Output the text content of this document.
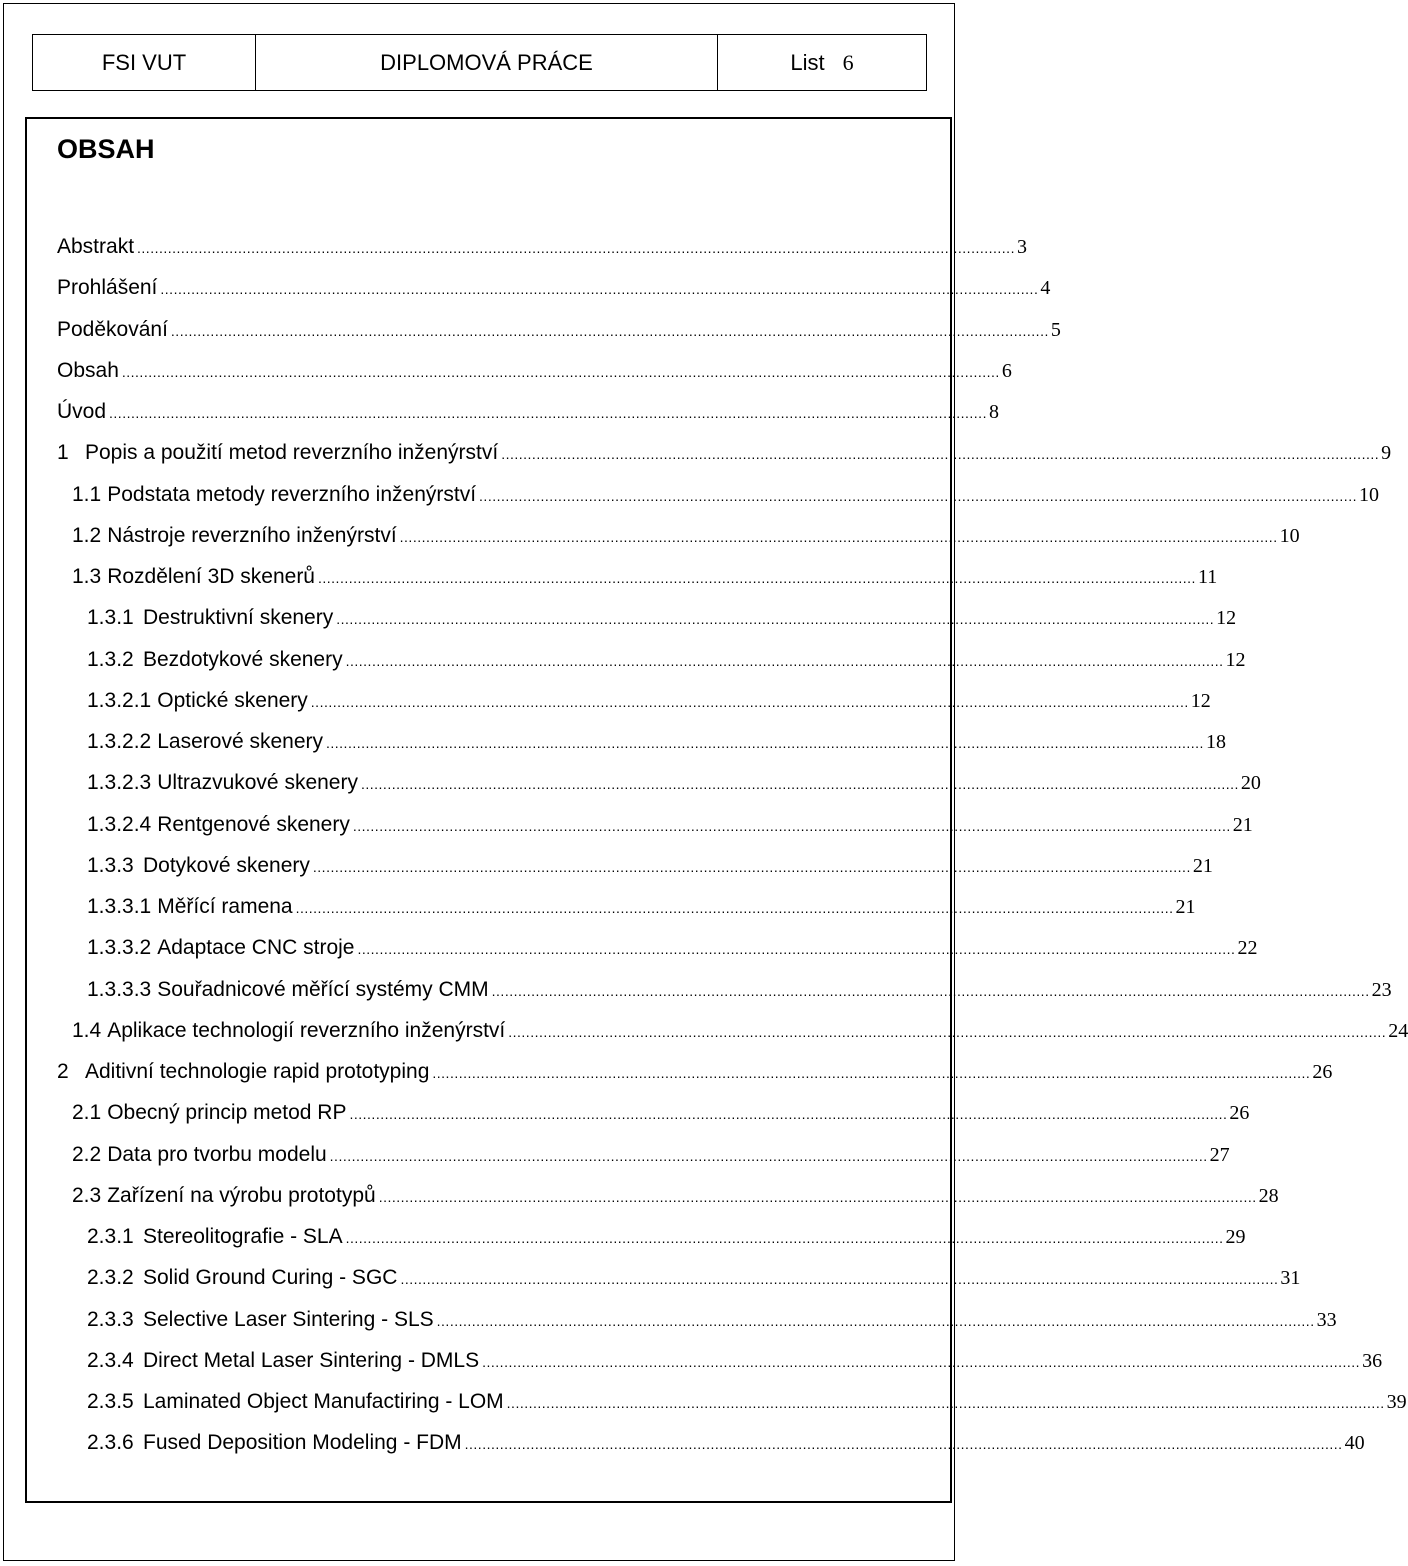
FSI VUT	DIPLOMOVÁ PRÁCE	List 6
OBSAH
Abstrakt ........................................................................................................................................................................................................ 3
Prohlášení ........................................................................................................................................................................................................ 4
Poděkování ........................................................................................................................................................................................................ 5
Obsah ........................................................................................................................................................................................................ 6
Úvod ........................................................................................................................................................................................................ 8
1 Popis a použití metod reverzního inženýrství ........................................................................................................................................................................................................ 9
1.1 Podstata metody reverzního inženýrství ........................................................................................................................................................................................................ 10
1.2 Nástroje reverzního inženýrství ........................................................................................................................................................................................................ 10
1.3 Rozdělení 3D skenerů ........................................................................................................................................................................................................ 11
1.3.1 Destruktivní skenery ........................................................................................................................................................................................................ 12
1.3.2 Bezdotykové skenery ........................................................................................................................................................................................................ 12
1.3.2.1 Optické skenery ........................................................................................................................................................................................................ 12
1.3.2.2 Laserové skenery ........................................................................................................................................................................................................ 18
1.3.2.3 Ultrazvukové skenery ........................................................................................................................................................................................................ 20
1.3.2.4 Rentgenové skenery ........................................................................................................................................................................................................ 21
1.3.3 Dotykové skenery ........................................................................................................................................................................................................ 21
1.3.3.1 Měřící ramena ........................................................................................................................................................................................................ 21
1.3.3.2 Adaptace CNC stroje ........................................................................................................................................................................................................ 22
1.3.3.3 Souřadnicové měřící systémy CMM ........................................................................................................................................................................................................ 23
1.4 Aplikace technologií reverzního inženýrství ........................................................................................................................................................................................................ 24
2 Aditivní technologie rapid prototyping ........................................................................................................................................................................................................ 26
2.1 Obecný princip metod RP ........................................................................................................................................................................................................ 26
2.2 Data pro tvorbu modelu ........................................................................................................................................................................................................ 27
2.3 Zařízení na výrobu prototypů ........................................................................................................................................................................................................ 28
2.3.1 Stereolitografie - SLA ........................................................................................................................................................................................................ 29
2.3.2 Solid Ground Curing - SGC ........................................................................................................................................................................................................ 31
2.3.3 Selective Laser Sintering - SLS ........................................................................................................................................................................................................ 33
2.3.4 Direct Metal Laser Sintering - DMLS ........................................................................................................................................................................................................ 36
2.3.5 Laminated Object Manufactiring - LOM ........................................................................................................................................................................................................ 39
2.3.6 Fused Deposition Modeling - FDM ........................................................................................................................................................................................................ 40
